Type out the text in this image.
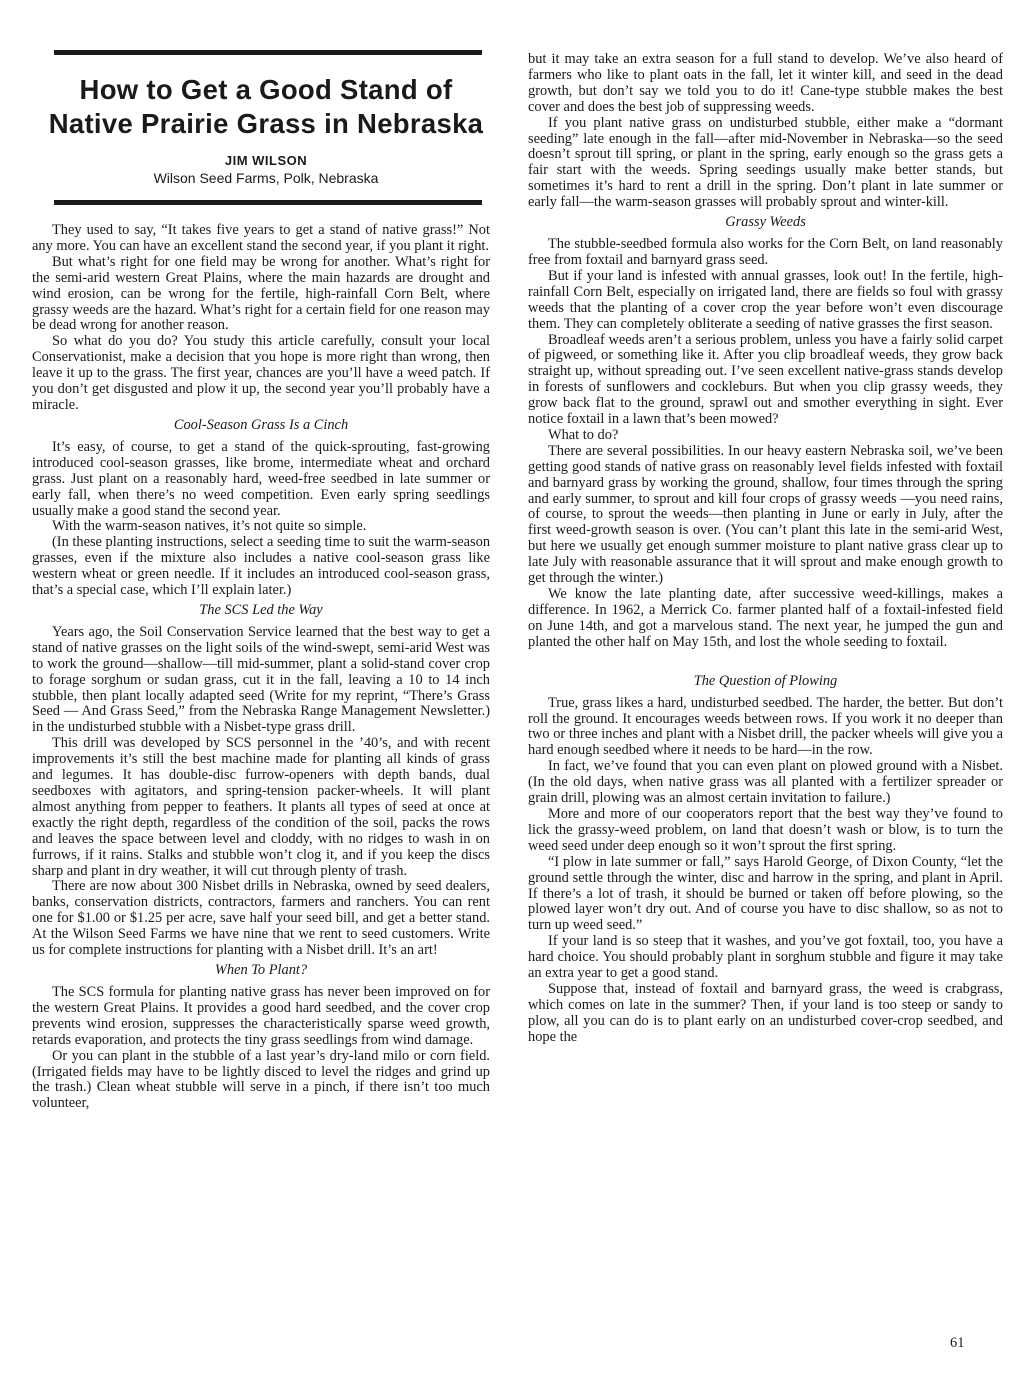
How to Get a Good Stand of
Native Prairie Grass in Nebraska
JIM WILSON
Wilson Seed Farms, Polk, Nebraska

They used to say, “It takes five years to get a stand of native grass!” Not any more. You can have an excellent stand the second year, if you plant it right.

But what’s right for one field may be wrong for another. What’s right for the semi-arid western Great Plains, where the main hazards are drought and wind erosion, can be wrong for the fertile, high-rainfall Corn Belt, where grassy weeds are the hazard. What’s right for a certain field for one reason may be dead wrong for another reason.

So what do you do? You study this article carefully, consult your local Conservationist, make a decision that you hope is more right than wrong, then leave it up to the grass. The first year, chances are you’ll have a weed patch. If you don’t get disgusted and plow it up, the second year you’ll probably have a miracle.

Cool-Season Grass Is a Cinch

It’s easy, of course, to get a stand of the quick-sprouting, fast-growing introduced cool-season grasses, like brome, intermediate wheat and orchard grass. Just plant on a reasonably hard, weed-free seedbed in late summer or early fall, when there’s no weed competition. Even early spring seedlings usually make a good stand the second year.

With the warm-season natives, it’s not quite so simple.

(In these planting instructions, select a seeding time to suit the warm-season grasses, even if the mixture also includes a native cool-season grass like western wheat or green needle. If it includes an introduced cool-season grass, that’s a special case, which I’ll explain later.)

The SCS Led the Way

Years ago, the Soil Conservation Service learned that the best way to get a stand of native grasses on the light soils of the wind-swept, semi-arid West was to work the ground—shallow—till mid-summer, plant a solid-stand cover crop to forage sorghum or sudan grass, cut it in the fall, leaving a 10 to 14 inch stubble, then plant locally adapted seed (Write for my reprint, “There’s Grass Seed — And Grass Seed,” from the Nebraska Range Management Newsletter.) in the undisturbed stubble with a Nisbet-type grass drill.

This drill was developed by SCS personnel in the ’40’s, and with recent improvements it’s still the best machine made for planting all kinds of grass and legumes. It has double-disc furrow-openers with depth bands, dual seedboxes with agitators, and spring-tension packer-wheels. It will plant almost anything from pepper to feathers. It plants all types of seed at once at exactly the right depth, regardless of the condition of the soil, packs the rows and leaves the space between level and cloddy, with no ridges to wash in on furrows, if it rains. Stalks and stubble won’t clog it, and if you keep the discs sharp and plant in dry weather, it will cut through plenty of trash.

There are now about 300 Nisbet drills in Nebraska, owned by seed dealers, banks, conservation districts, contractors, farmers and ranchers. You can rent one for $1.00 or $1.25 per acre, save half your seed bill, and get a better stand. At the Wilson Seed Farms we have nine that we rent to seed customers. Write us for complete instructions for planting with a Nisbet drill. It’s an art!

When To Plant?

The SCS formula for planting native grass has never been improved on for the western Great Plains. It provides a good hard seedbed, and the cover crop prevents wind erosion, suppresses the characteristically sparse weed growth, retards evaporation, and protects the tiny grass seedlings from wind damage.

Or you can plant in the stubble of a last year’s dry-land milo or corn field. (Irrigated fields may have to be lightly disced to level the ridges and grind up the trash.) Clean wheat stubble will serve in a pinch, if there isn’t too much volunteer,

but it may take an extra season for a full stand to develop. We’ve also heard of farmers who like to plant oats in the fall, let it winter kill, and seed in the dead growth, but don’t say we told you to do it! Cane-type stubble makes the best cover and does the best job of suppressing weeds.

If you plant native grass on undisturbed stubble, either make a “dormant seeding” late enough in the fall—after mid-November in Nebraska—so the seed doesn’t sprout till spring, or plant in the spring, early enough so the grass gets a fair start with the weeds. Spring seedings usually make better stands, but sometimes it’s hard to rent a drill in the spring. Don’t plant in late summer or early fall—the warm-season grasses will probably sprout and winter-kill.

Grassy Weeds

The stubble-seedbed formula also works for the Corn Belt, on land reasonably free from foxtail and barnyard grass seed.

But if your land is infested with annual grasses, look out! In the fertile, high-rainfall Corn Belt, especially on irrigated land, there are fields so foul with grassy weeds that the planting of a cover crop the year before won’t even discourage them. They can completely obliterate a seeding of native grasses the first season.

Broadleaf weeds aren’t a serious problem, unless you have a fairly solid carpet of pigweed, or something like it. After you clip broadleaf weeds, they grow back straight up, without spreading out. I’ve seen excellent native-grass stands develop in forests of sunflowers and cockleburs. But when you clip grassy weeds, they grow back flat to the ground, sprawl out and smother everything in sight. Ever notice foxtail in a lawn that’s been mowed?

What to do?

There are several possibilities. In our heavy eastern Nebraska soil, we’ve been getting good stands of native grass on reasonably level fields infested with foxtail and barnyard grass by working the ground, shallow, four times through the spring and early summer, to sprout and kill four crops of grassy weeds —you need rains, of course, to sprout the weeds—then planting in June or early in July, after the first weed-growth season is over. (You can’t plant this late in the semi-arid West, but here we usually get enough summer moisture to plant native grass clear up to late July with reasonable assurance that it will sprout and make enough growth to get through the winter.)

We know the late planting date, after successive weed-killings, makes a difference. In 1962, a Merrick Co. farmer planted half of a foxtail-infested field on June 14th, and got a marvelous stand. The next year, he jumped the gun and planted the other half on May 15th, and lost the whole seeding to foxtail.

The Question of Plowing

True, grass likes a hard, undisturbed seedbed. The harder, the better. But don’t roll the ground. It encourages weeds between rows. If you work it no deeper than two or three inches and plant with a Nisbet drill, the packer wheels will give you a hard enough seedbed where it needs to be hard—in the row.

In fact, we’ve found that you can even plant on plowed ground with a Nisbet. (In the old days, when native grass was all planted with a fertilizer spreader or grain drill, plowing was an almost certain invitation to failure.)

More and more of our cooperators report that the best way they’ve found to lick the grassy-weed problem, on land that doesn’t wash or blow, is to turn the weed seed under deep enough so it won’t sprout the first spring.

“I plow in late summer or fall,” says Harold George, of Dixon County, “let the ground settle through the winter, disc and harrow in the spring, and plant in April. If there’s a lot of trash, it should be burned or taken off before plowing, so the plowed layer won’t dry out. And of course you have to disc shallow, so as not to turn up weed seed.”

If your land is so steep that it washes, and you’ve got foxtail, too, you have a hard choice. You should probably plant in sorghum stubble and figure it may take an extra year to get a good stand.

Suppose that, instead of foxtail and barnyard grass, the weed is crabgrass, which comes on late in the summer? Then, if your land is too steep or sandy to plow, all you can do is to plant early on an undisturbed cover-crop seedbed, and hope the

61
